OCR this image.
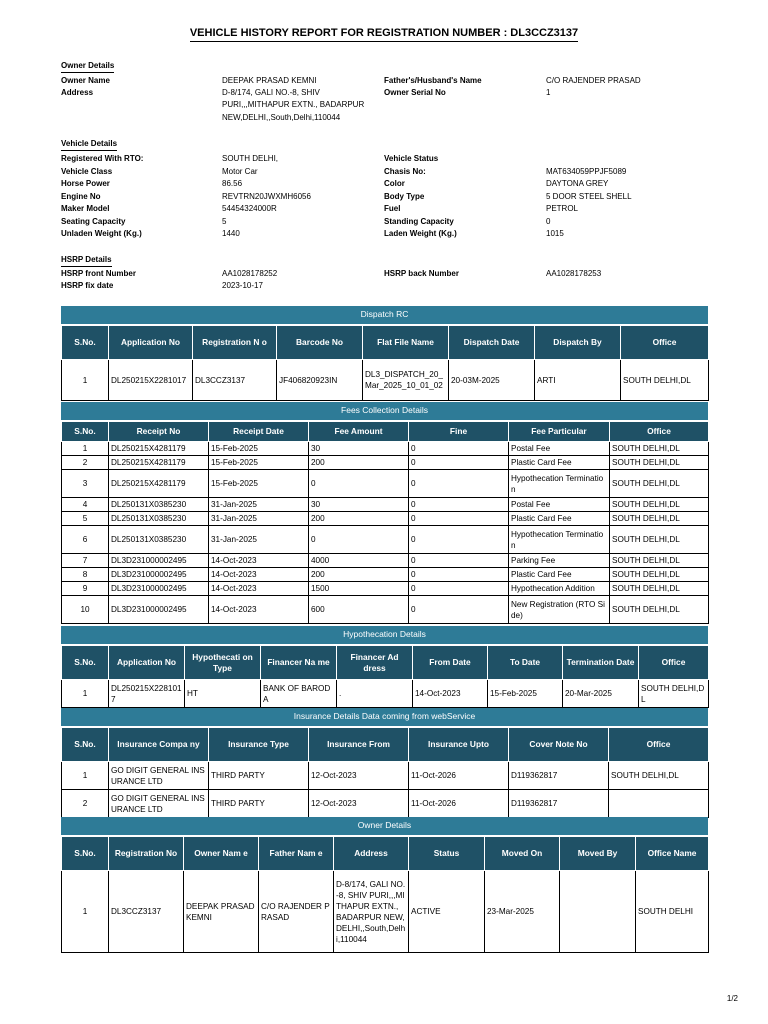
VEHICLE HISTORY REPORT FOR REGISTRATION NUMBER : DL3CCZ3137
Owner Details
Owner Name	DEEPAK PRASAD KEMNI
Address	D-8/174, GALI NO.-8, SHIV
PURI,,,MITHAPUR EXTN., BADARPUR
NEW,DELHI,,South,Delhi,110044
Father's/Husband's Name	C/O RAJENDER PRASAD
Owner Serial No	1
Vehicle Details
Registered With RTO:	SOUTH DELHI,
Vehicle Class	Motor Car
Horse Power	86.56
Engine No	REVTRN20JWXMH6056
Maker Model	54454324000R
Seating Capacity	5
Unladen Weight (Kg.)	1440
Vehicle Status
Chasis No:	MAT634059PPJF5089
Color	DAYTONA GREY
Body Type	5 DOOR STEEL SHELL
Fuel	PETROL
Standing Capacity	0
Laden Weight (Kg.)	1015
HSRP Details
HSRP front Number	AA1028178252
HSRP fix date	2023-10-17
HSRP back Number	AA1028178253
Dispatch RC
S.No.	Application No	Registration N o	Barcode No	Flat File Name	Dispatch Date	Dispatch By	Office
1	DL250215X2281017	DL3CCZ3137	JF406820923IN	DL3_DISPATCH_20_Mar_2025_10_01_02	20-03M-2025	ARTI	SOUTH DELHI,DL
Fees Collection Details
S.No.	Receipt No	Receipt Date	Fee Amount	Fine	Fee Particular	Office
1	DL250215X4281179	15-Feb-2025	30	0	Postal Fee	SOUTH DELHI,DL
2	DL250215X4281179	15-Feb-2025	200	0	Plastic Card Fee	SOUTH DELHI,DL
3	DL250215X4281179	15-Feb-2025	0	0	Hypothecation Termination	SOUTH DELHI,DL
4	DL250131X0385230	31-Jan-2025	30	0	Postal Fee	SOUTH DELHI,DL
5	DL250131X0385230	31-Jan-2025	200	0	Plastic Card Fee	SOUTH DELHI,DL
6	DL250131X0385230	31-Jan-2025	0	0	Hypothecation Termination	SOUTH DELHI,DL
7	DL3D231000002495	14-Oct-2023	4000	0	Parking Fee	SOUTH DELHI,DL
8	DL3D231000002495	14-Oct-2023	200	0	Plastic Card Fee	SOUTH DELHI,DL
9	DL3D231000002495	14-Oct-2023	1500	0	Hypothecation Addition	SOUTH DELHI,DL
10	DL3D231000002495	14-Oct-2023	600	0	New Registration (RTO Side)	SOUTH DELHI,DL
Hypothecation Details
S.No.	Application No	Hypothecati on Type	Financer Na me	Financer Ad dress	From Date	To Date	Termination Date	Office
1	DL250215X2281017	HT	BANK OF BARODA	.	14-Oct-2023	15-Feb-2025	20-Mar-2025	SOUTH DELHI,DL
Insurance Details Data coming from webService
S.No.	Insurance Compa ny	Insurance Type	Insurance From	Insurance Upto	Cover Note No	Office
1	GO DIGIT GENERAL INSURANCE LTD	THIRD PARTY	12-Oct-2023	11-Oct-2026	D119362817	SOUTH DELHI,DL
2	GO DIGIT GENERAL INSURANCE LTD	THIRD PARTY	12-Oct-2023	11-Oct-2026	D119362817	
Owner Details
S.No.	Registration No	Owner Nam e	Father Nam e	Address	Status	Moved On	Moved By	Office Name
1	DL3CCZ3137	DEEPAK PRASAD KEMNI	C/O RAJENDER PRASAD	D-8/174, GALI NO.-8, SHIV PURI,,,MITHAPUR EXTN., BADARPUR NEW,DELHI,,South,Delhi,110044	ACTIVE	23-Mar-2025		SOUTH DELHI
1/2
